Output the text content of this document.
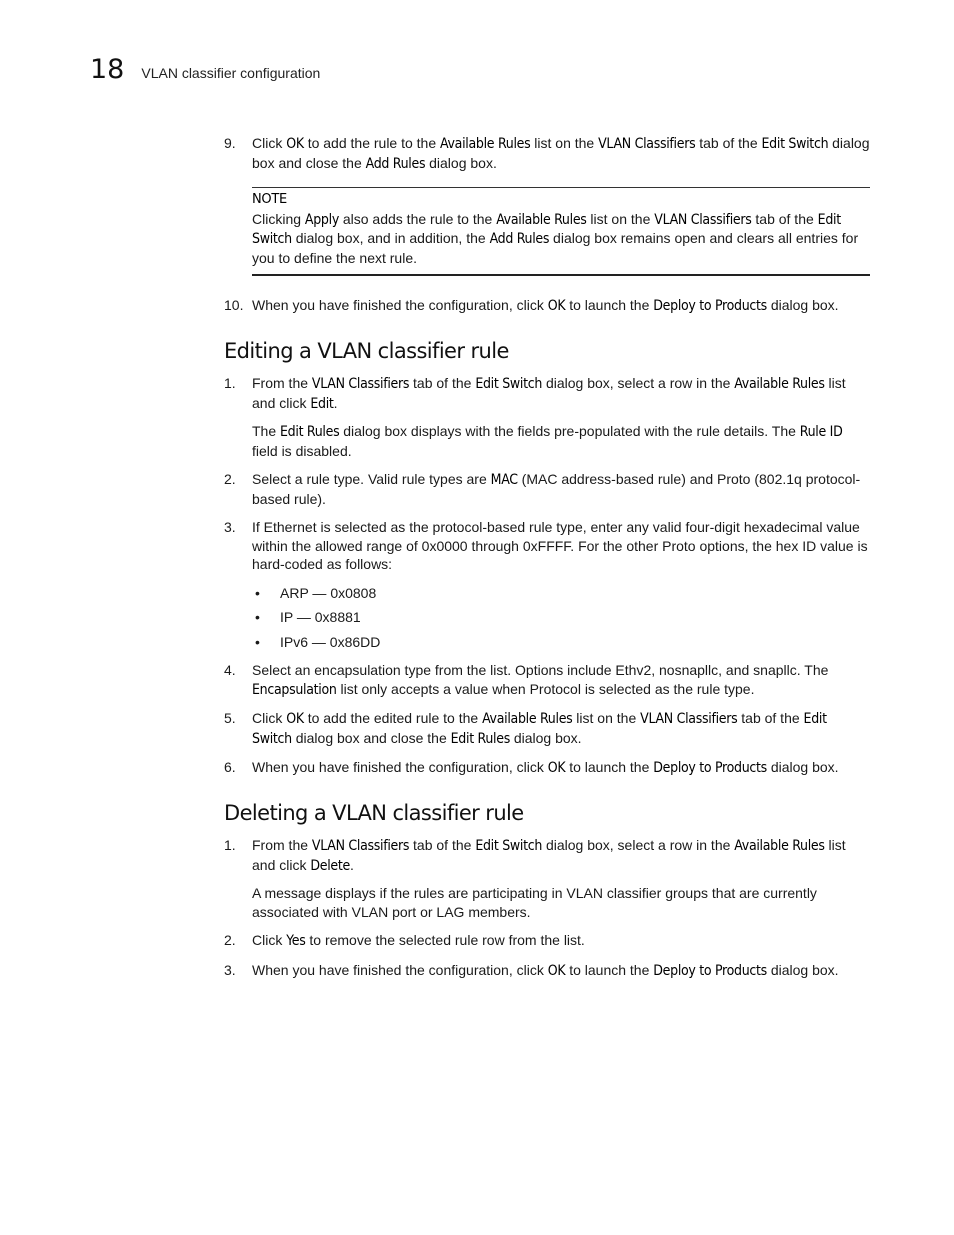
18 VLAN classifier configuration
9.	Click OK to add the rule to the Available Rules list on the VLAN Classifiers tab of the Edit Switch dialog box and close the Add Rules dialog box.

NOTE

Clicking Apply also adds the rule to the Available Rules list on the VLAN Classifiers tab of the Edit Switch dialog box, and in addition, the Add Rules dialog box remains open and clears all entries for you to define the next rule.

10. When you have finished the configuration, click OK to launch the Deploy to Products dialog box.

Editing a VLAN classifier rule
1.	From the VLAN Classifiers tab of the Edit Switch dialog box, select a row in the Available Rules list and click Edit.

The Edit Rules dialog box displays with the fields pre-populated with the rule details. The Rule ID field is disabled.

2.	Select a rule type. Valid rule types are MAC (MAC address-based rule) and Proto (802.1q protocol-based rule).

3.	If Ethernet is selected as the protocol-based rule type, enter any valid four-digit hexadecimal value within the allowed range of 0x0000 through 0xFFFF. For the other Proto options, the hex ID value is hard-coded as follows:

• ARP — 0x0808
• IP — 0x8881
• IPv6 — 0x86DD
4.	Select an encapsulation type from the list. Options include Ethv2, nosnapllc, and snapllc. The Encapsulation list only accepts a value when Protocol is selected as the rule type.

5.	Click OK to add the edited rule to the Available Rules list on the VLAN Classifiers tab of the Edit Switch dialog box and close the Edit Rules dialog box.

6.	When you have finished the configuration, click OK to launch the Deploy to Products dialog box.

Deleting a VLAN classifier rule
1.	From the VLAN Classifiers tab of the Edit Switch dialog box, select a row in the Available Rules list and click Delete.

A message displays if the rules are participating in VLAN classifier groups that are currently associated with VLAN port or LAG members.

2.	Click Yes to remove the selected rule row from the list.

3.	When you have finished the configuration, click OK to launch the Deploy to Products dialog box.
